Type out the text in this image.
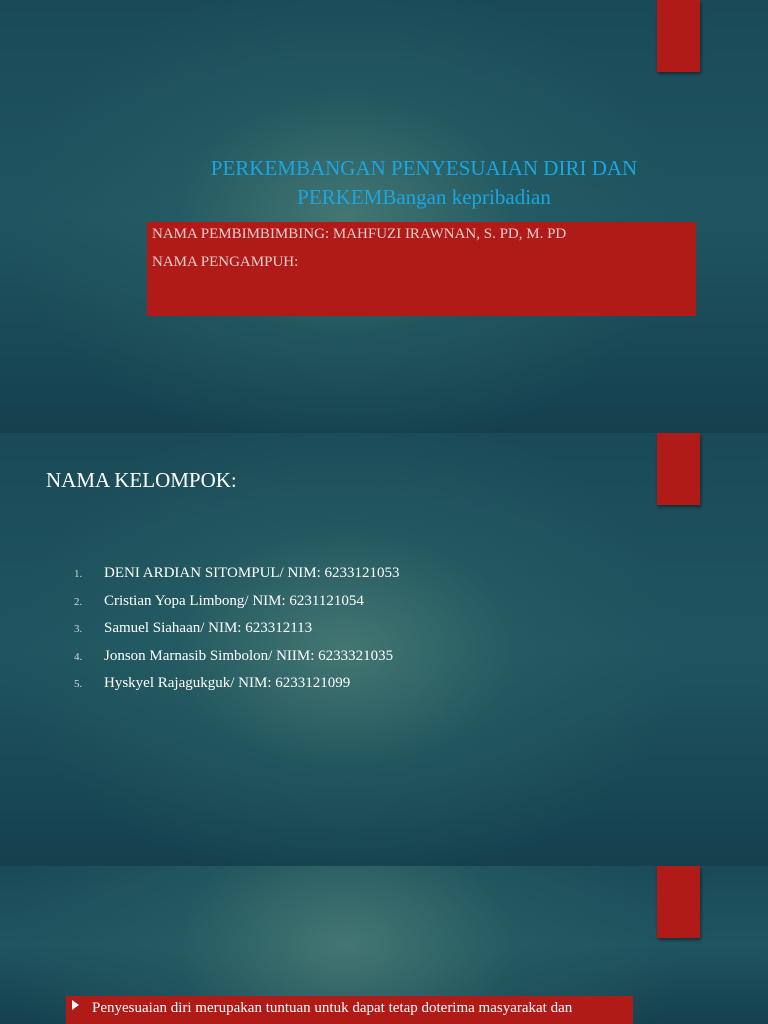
PERKEMBANGAN PENYESUAIAN DIRI DAN
PERKEMBangan kepribadian
NAMA PEMBIMBIMBING: MAHFUZI IRAWNAN, S. PD, M. PD
NAMA PENGAMPUH:
NAMA KELOMPOK:
1. DENI ARDIAN SITOMPUL/ NIM: 6233121053
2. Cristian Yopa Limbong/ NIM: 6231121054
3. Samuel Siahaan/ NIM: 623312113
4. Jonson Marnasib Simbolon/ NIIM: 6233321035
5. Hyskyel Rajagukguk/ NIM: 6233121099
Penyesuaian diri merupakan tuntuan untuk dapat tetap doterima masyarakat dan
